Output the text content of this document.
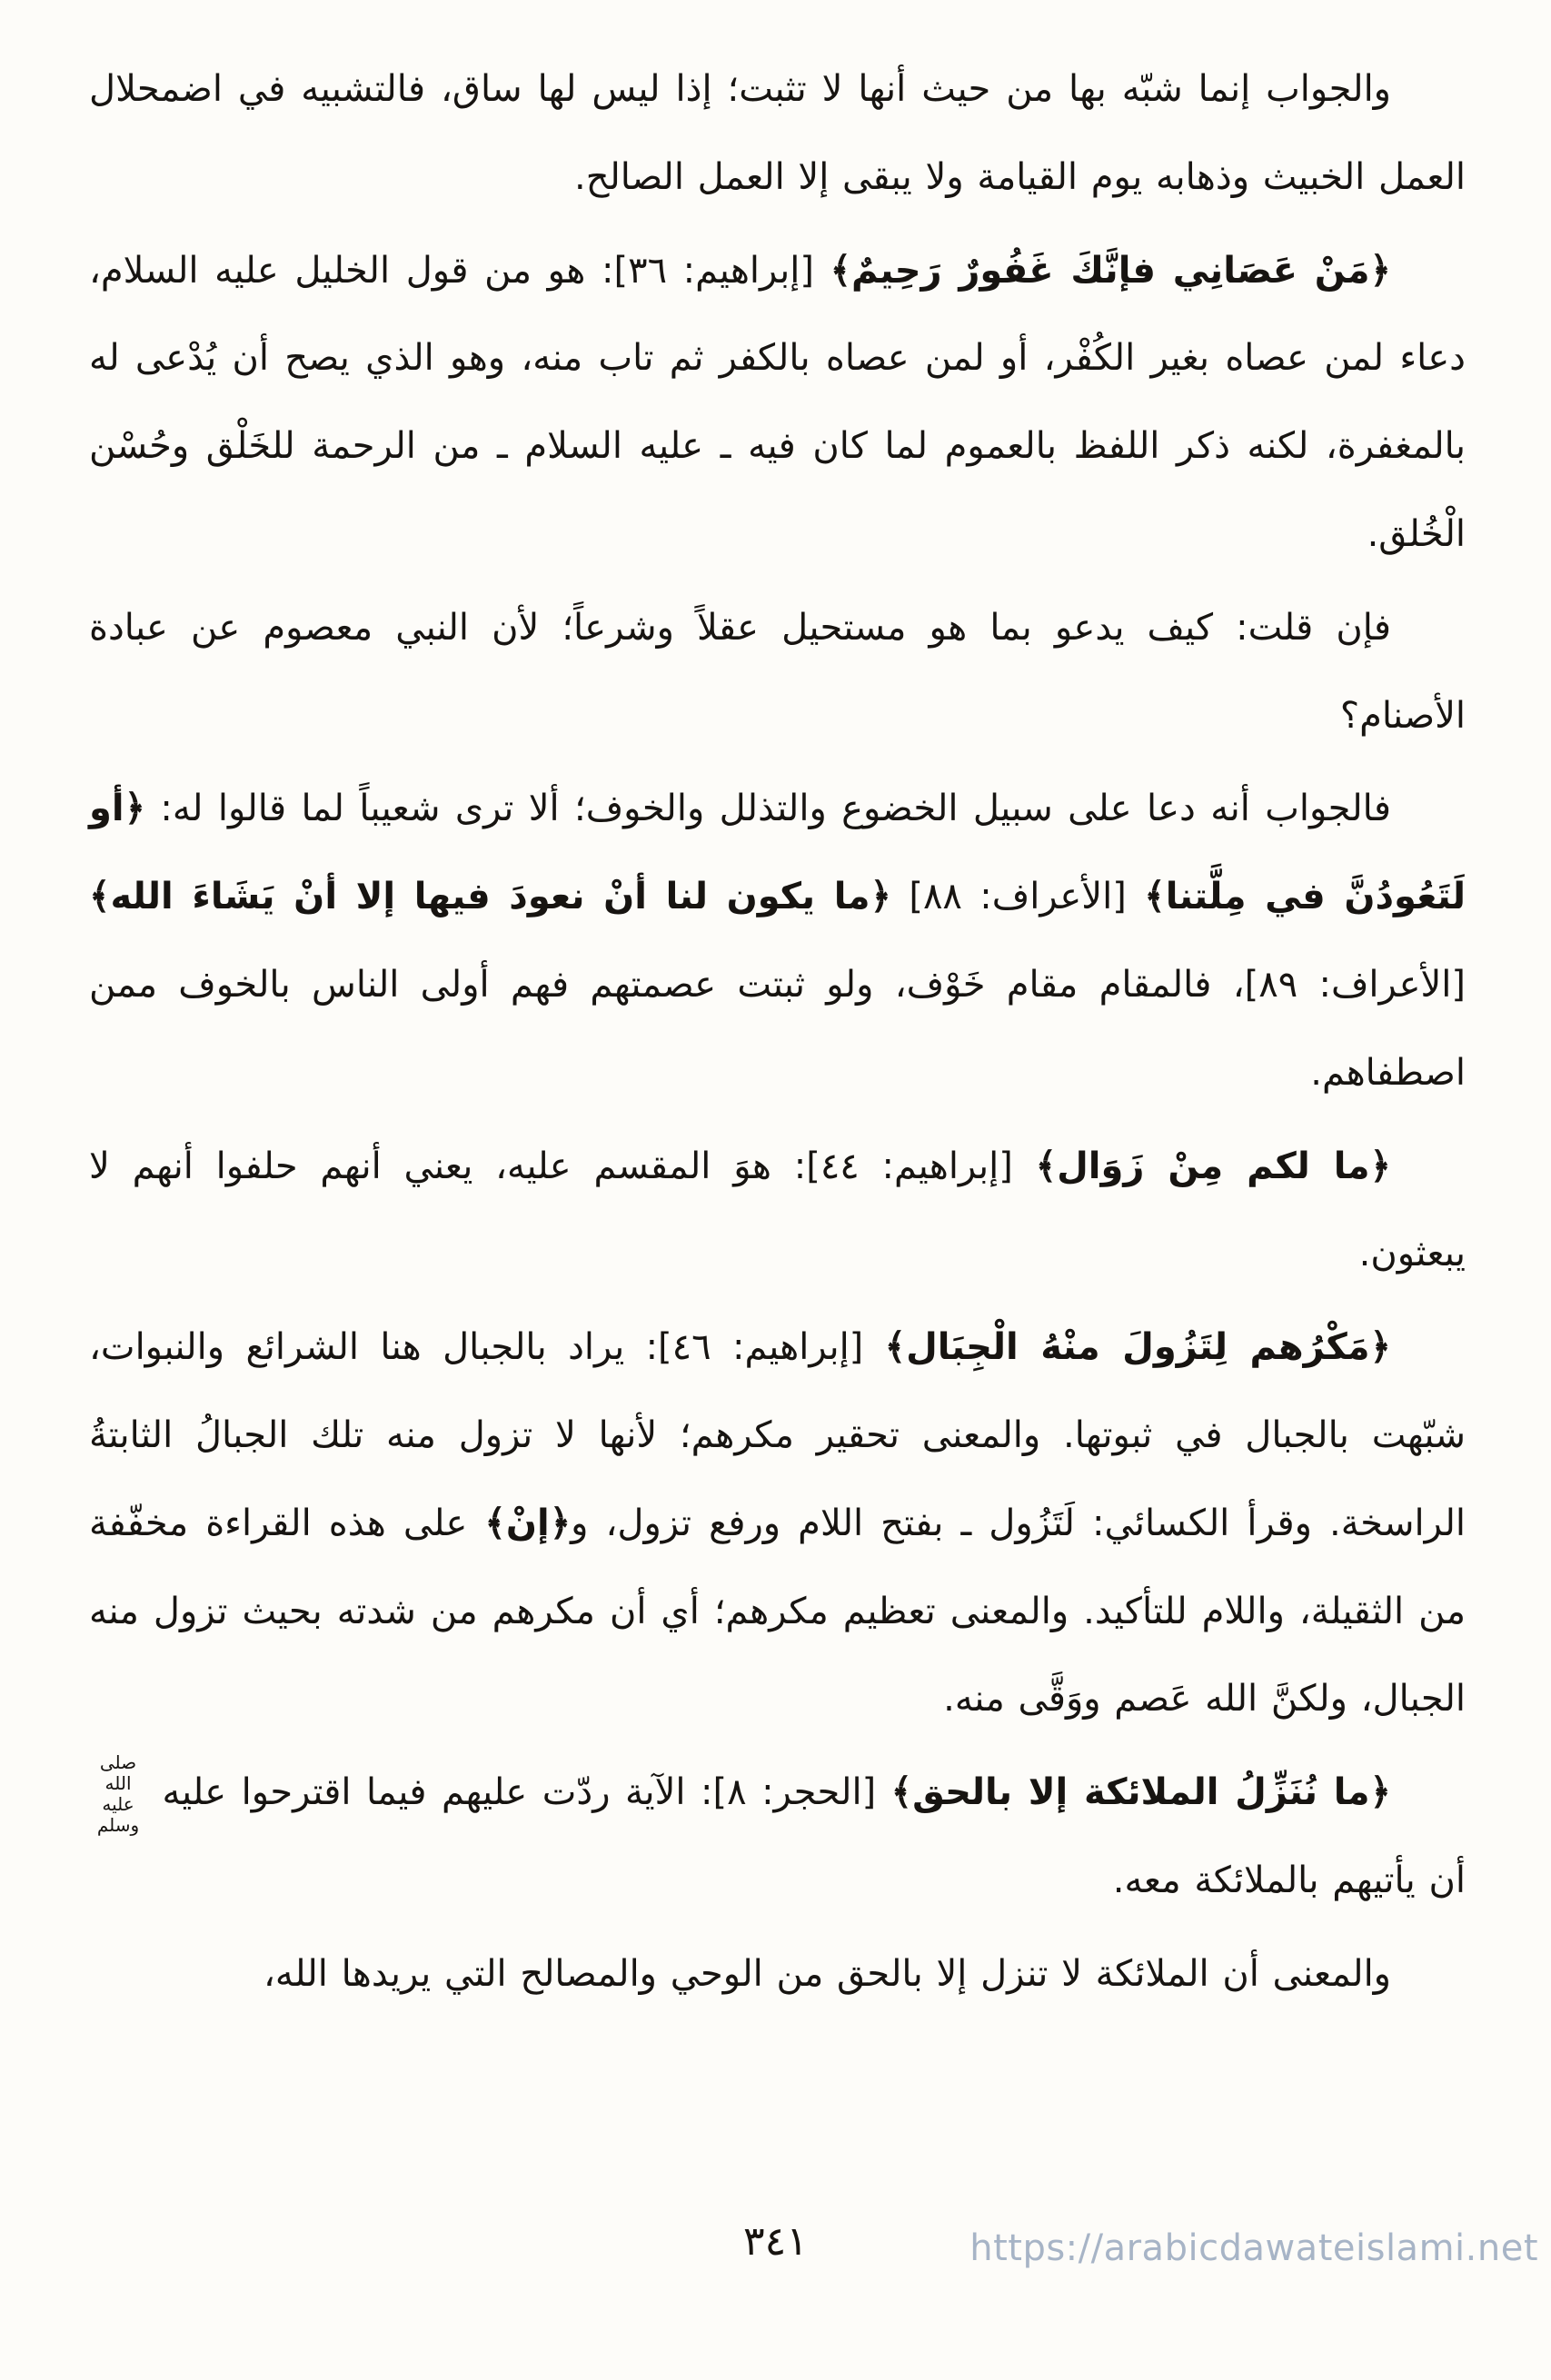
والجواب إنما شبّه بها من حيث أنها لا تثبت؛ إذا ليس لها ساق، فالتشبيه في اضمحلال العمل الخبيث وذهابه يوم القيامة ولا يبقى إلا العمل الصالح.

﴿مَنْ عَصَانِي فإنَّكَ غَفُورٌ رَحِيمٌ﴾ [إبراهيم: ٣٦]: هو من قول الخليل عليه السلام، دعاء لمن عصاه بغير الكُفْر، أو لمن عصاه بالكفر ثم تاب منه، وهو الذي يصح أن يُدْعى له بالمغفرة، لكنه ذكر اللفظ بالعموم لما كان فيه ـ عليه السلام ـ من الرحمة للخَلْق وحُسْن الْخُلق.

فإن قلت: كيف يدعو بما هو مستحيل عقلاً وشرعاً؛ لأن النبي معصوم عن عبادة الأصنام؟

فالجواب أنه دعا على سبيل الخضوع والتذلل والخوف؛ ألا ترى شعيباً لما قالوا له: ﴿أو لَتَعُودُنَّ في مِلَّتنا﴾ [الأعراف: ٨٨] ﴿ما يكون لنا أنْ نعودَ فيها إلا أنْ يَشَاءَ الله﴾ [الأعراف: ٨٩]، فالمقام مقام خَوْف، ولو ثبتت عصمتهم فهم أولى الناس بالخوف ممن اصطفاهم.

﴿ما لكم مِنْ زَوَال﴾ [إبراهيم: ٤٤]: هوَ المقسم عليه، يعني أنهم حلفوا أنهم لا يبعثون.

﴿مَكْرُهم لِتَزُولَ منْهُ الْجِبَال﴾ [إبراهيم: ٤٦]: يراد بالجبال هنا الشرائع والنبوات، شبّهت بالجبال في ثبوتها. والمعنى تحقير مكرهم؛ لأنها لا تزول منه تلك الجبالُ الثابتةُ الراسخة. وقرأ الكسائي: لَتَزُول ـ بفتح اللام ورفع تزول، و﴿إنْ﴾ على هذه القراءة مخفّفة من الثقيلة، واللام للتأكيد. والمعنى تعظيم مكرهم؛ أي أن مكرهم من شدته بحيث تزول منه الجبال، ولكنَّ الله عَصم ووَقَّى منه.

﴿ما نُنَزِّلُ الملائكة إلا بالحق﴾ [الحجر: ٨]: الآية ردّت عليهم فيما اقترحوا عليه صلى الله عليه وسلم أن يأتيهم بالملائكة معه.

والمعنى أن الملائكة لا تنزل إلا بالحق من الوحي والمصالح التي يريدها الله،

٣٤١	https://arabicdawateislami.net
